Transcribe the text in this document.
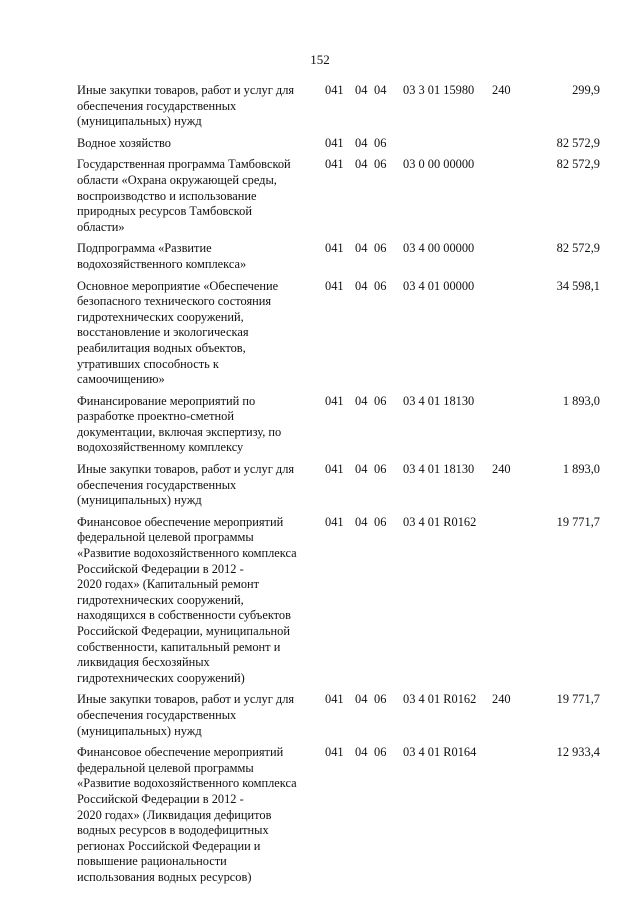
152
Иные закупки товаров, работ и услуг для
обеспечения государственных
(муниципальных) нужд
041 04 04 03 3 01 15980 240	299,9
Водное хозяйство	041 04 06	82 572,9
Государственная программа Тамбовской
области «Охрана окружающей среды,
воспроизводство и использование
природных ресурсов Тамбовской
области»
041 04 06 03 0 00 00000	82 572,9
Подпрограмма «Развитие
водохозяйственного комплекса»
041 04 06 03 4 00 00000	82 572,9
Основное мероприятие «Обеспечение
безопасного технического состояния
гидротехнических сооружений,
восстановление и экологическая
реабилитация водных объектов,
утративших способность к
самоочищению»
041 04 06 03 4 01 00000	34 598,1
Финансирование мероприятий по
разработке проектно-сметной
документации, включая экспертизу, по
водохозяйственному комплексу
041 04 06 03 4 01 18130	1 893,0
Иные закупки товаров, работ и услуг для
обеспечения государственных
(муниципальных) нужд
041 04 06 03 4 01 18130 240	1 893,0
Финансовое обеспечение мероприятий
федеральной целевой программы
«Развитие водохозяйственного комплекса
Российской Федерации в 2012 -
2020 годах» (Капитальный ремонт
гидротехнических сооружений,
находящихся в собственности субъектов
Российской Федерации, муниципальной
собственности, капитальный ремонт и
ликвидация бесхозяйных
гидротехнических сооружений)
041 04 06 03 4 01 R0162	19 771,7
Иные закупки товаров, работ и услуг для
обеспечения государственных
(муниципальных) нужд
041 04 06 03 4 01 R0162 240	19 771,7
Финансовое обеспечение мероприятий
федеральной целевой программы
«Развитие водохозяйственного комплекса
Российской Федерации в 2012 -
2020 годах» (Ликвидация дефицитов
водных ресурсов в вододефицитных
регионах Российской Федерации и
повышение рациональности
использования водных ресурсов)
041 04 06 03 4 01 R0164	12 933,4
